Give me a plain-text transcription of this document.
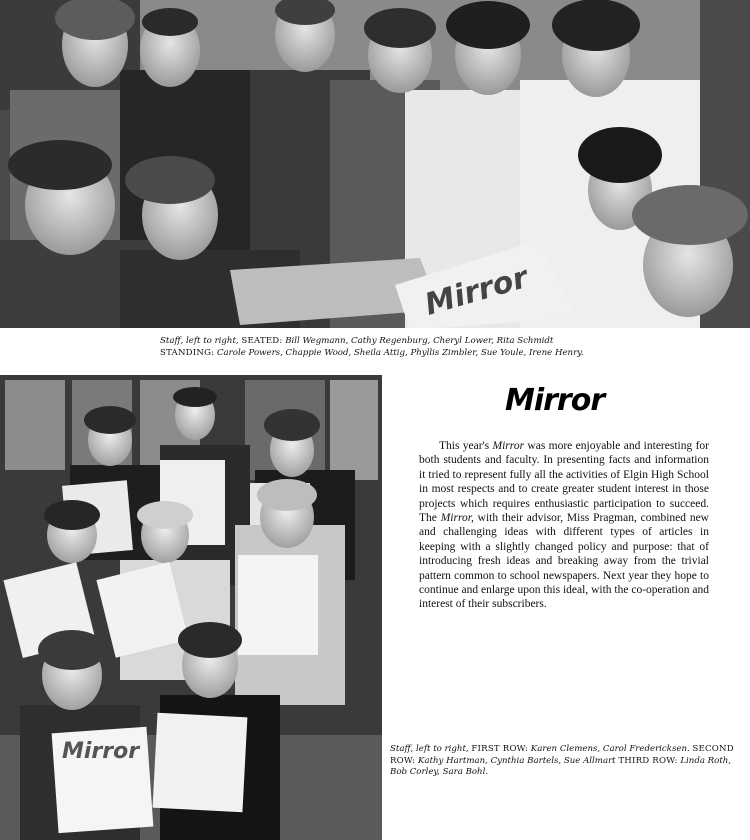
Mirror

Staff, left to right, SEATED: Bill Wegmann, Cathy Regenburg, Cheryl Lower, Rita Schmidt
STANDING: Carole Powers, Chappie Wood, Sheila Attig, Phyllis Zimbler, Sue Youle, Irene Henry.

Mirror
Mirror

This year's Mirror was more enjoyable and interesting for both students and faculty. In presenting facts and information it tried to represent fully all the activities of Elgin High School in most respects and to create greater student interest in those projects which requires enthusiastic participation to succeed. The Mirror, with their advisor, Miss Pragman, combined new and challenging ideas with different types of articles in keeping with a slightly changed policy and purpose: that of introducing fresh ideas and breaking away from the trivial pattern common to school newspapers. Next year they hope to continue and enlarge upon this ideal, with the co-operation and interest of their subscribers.

Staff, left to right, FIRST ROW: Karen Clemens, Carol Fredericksen. SECOND ROW: Kathy Hartman, Cynthia Bartels, Sue Allmart THIRD ROW: Linda Roth, Bob Corley, Sara Bohl.
